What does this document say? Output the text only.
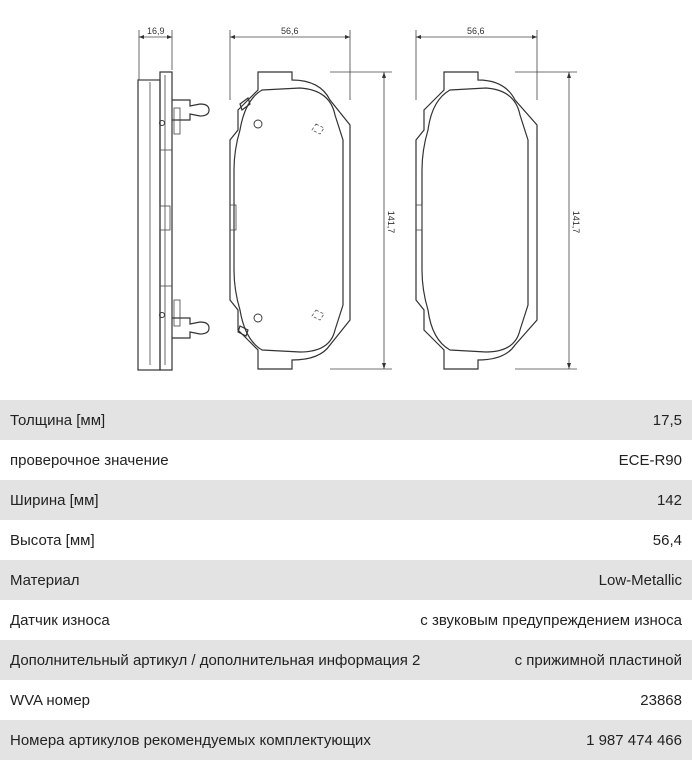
16,9	56,6
141,7
56,6
141,7
Толщина [мм]	17,5
проверочное значение	ECE-R90
Ширина [мм]	142
Высота [мм]	56,4
Материал	Low-Metallic
Датчик износа	с звуковым предупреждением износа
Дополнительный артикул / дополнительная информация 2	с прижимной пластиной
WVA номер	23868
Номера артикулов рекомендуемых комплектующих	1 987 474 466
